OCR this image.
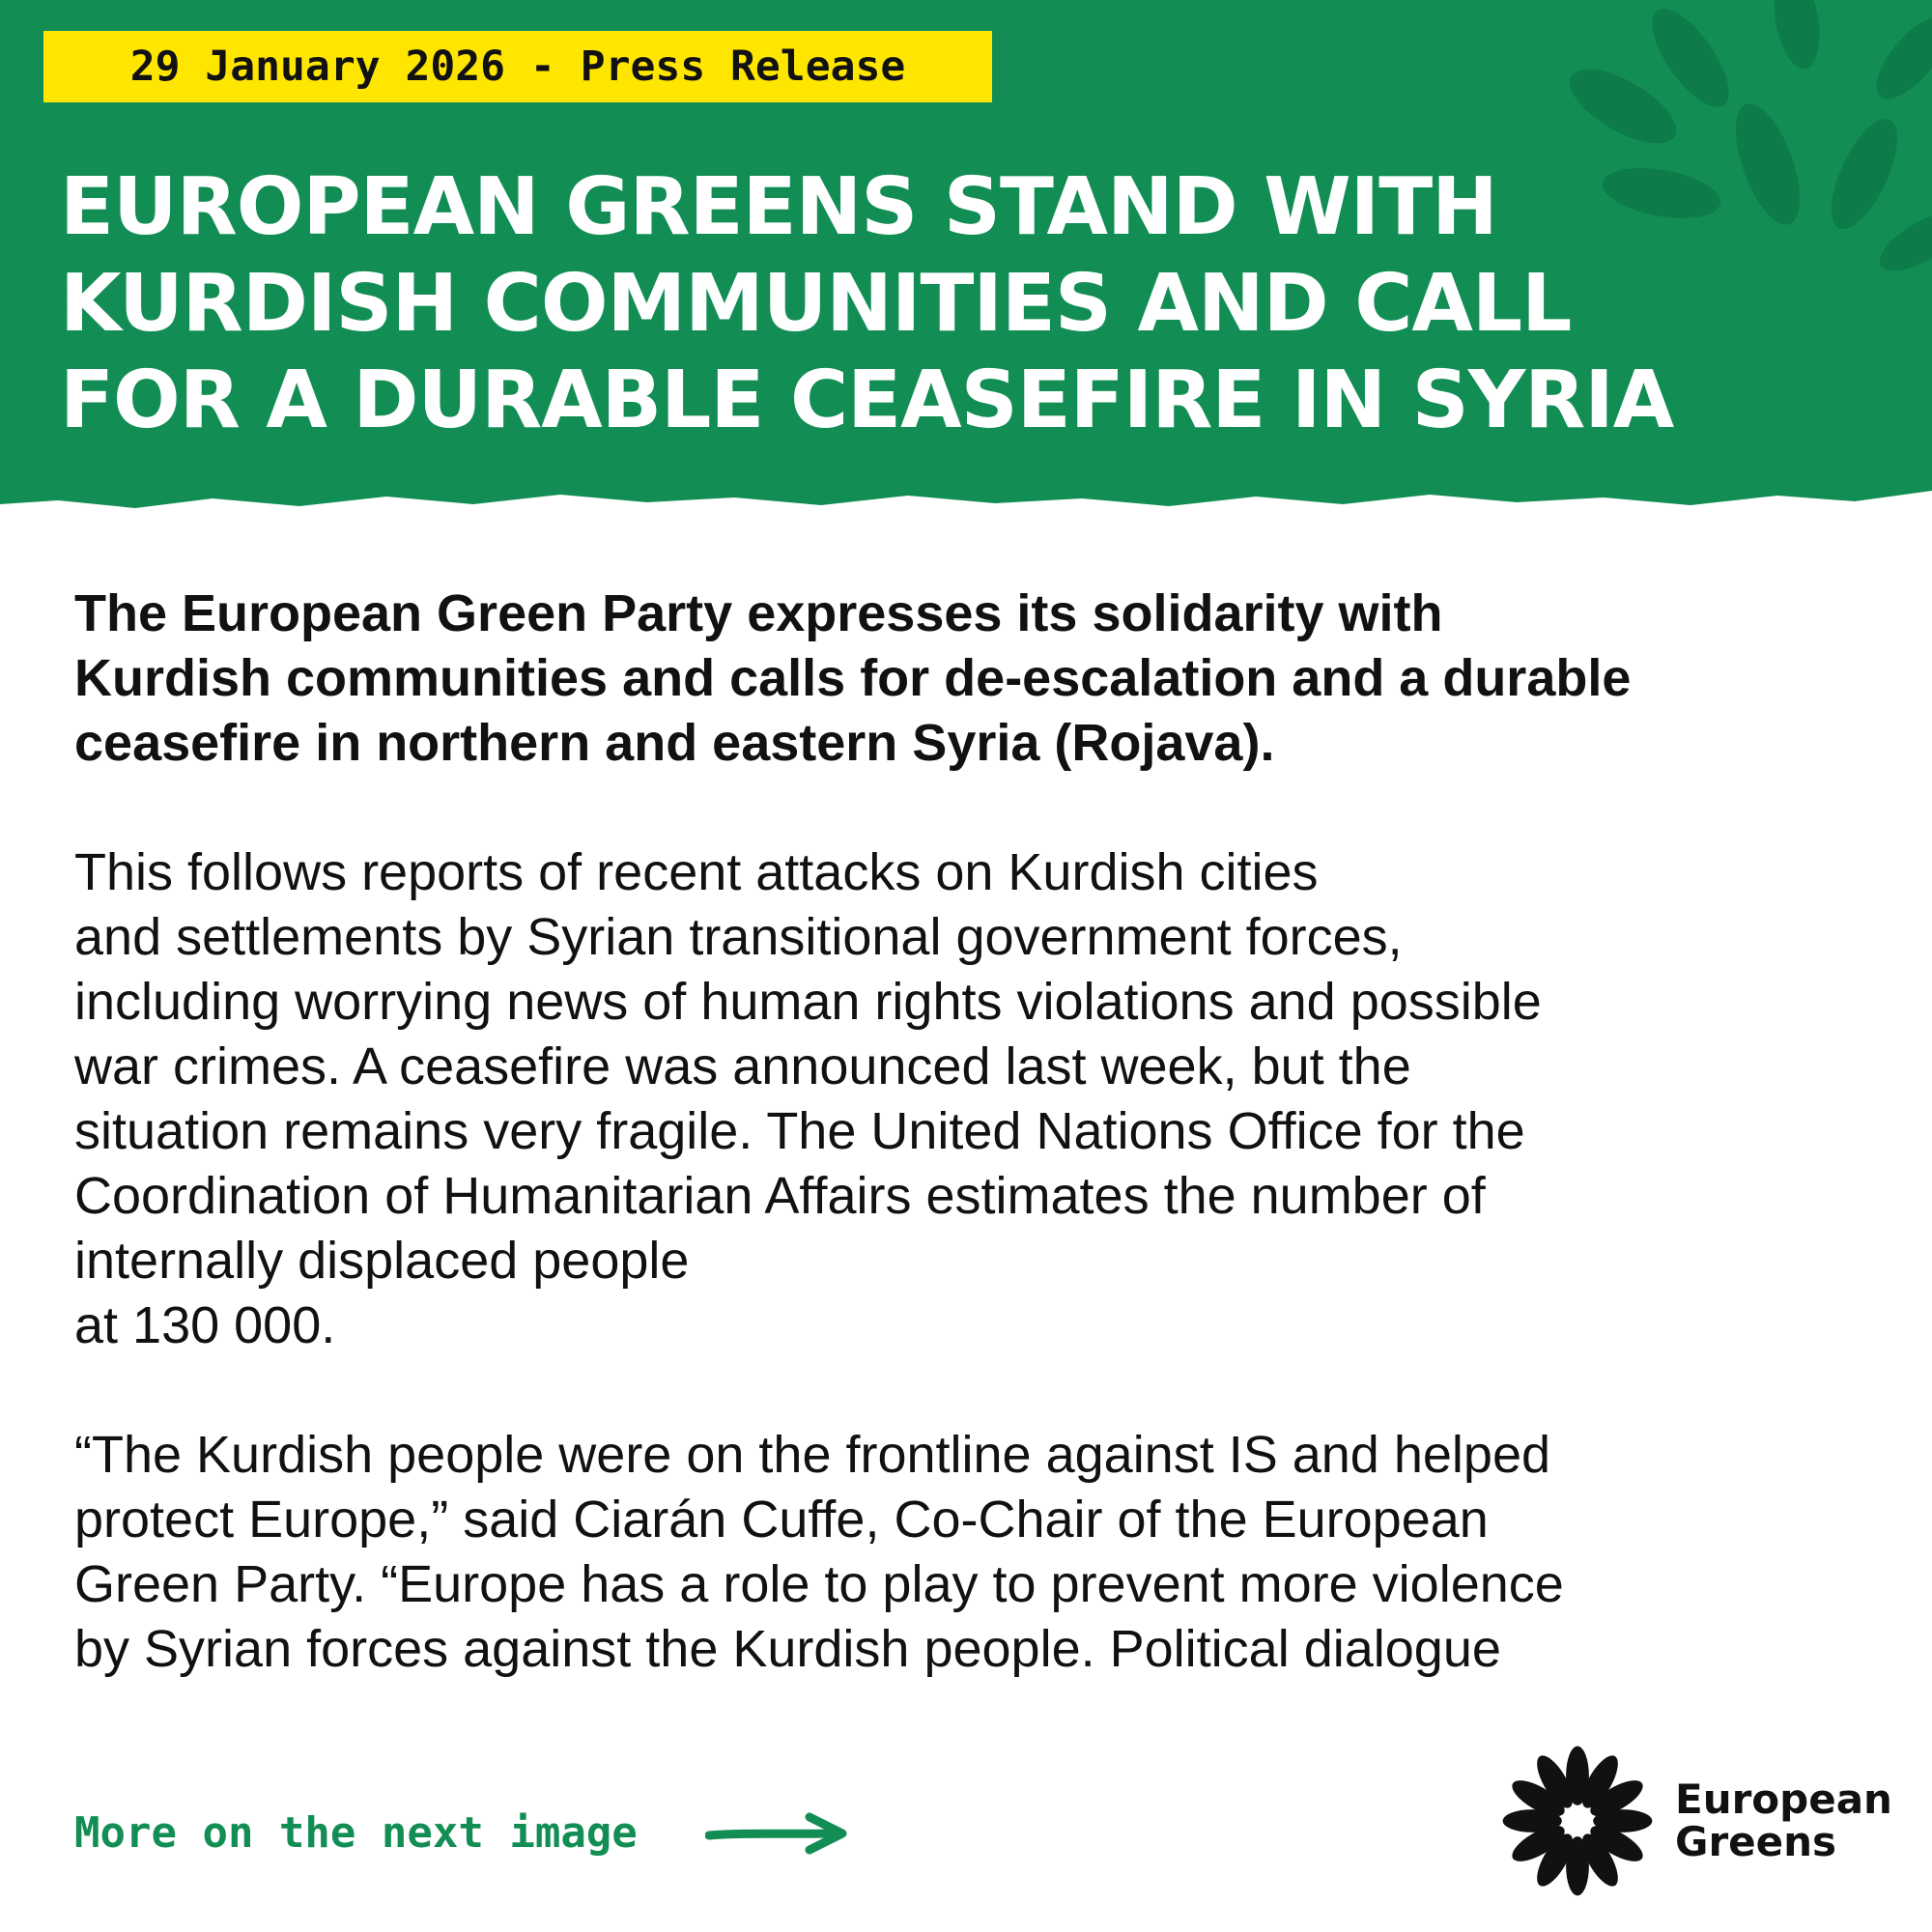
29 January 2026 - Press Release
EUROPEAN GREENS STAND WITH
KURDISH COMMUNITIES AND CALL
FOR A DURABLE CEASEFIRE IN SYRIA

The European Green Party expresses its solidarity with
Kurdish communities and calls for de-escalation and a durable
ceasefire in northern and eastern Syria (Rojava).

This follows reports of recent attacks on Kurdish cities
and settlements by Syrian transitional government forces,
including worrying news of human rights violations and possible
war crimes. A ceasefire was announced last week, but the
situation remains very fragile. The United Nations Office for the
Coordination of Humanitarian Affairs estimates the number of
internally displaced people
at 130 000.

“The Kurdish people were on the frontline against IS and helped
protect Europe,” said Ciarán Cuffe, Co-Chair of the European
Green Party. “Europe has a role to play to prevent more violence
by Syrian forces against the Kurdish people. Political dialogue

More on the next image
European
Greens
